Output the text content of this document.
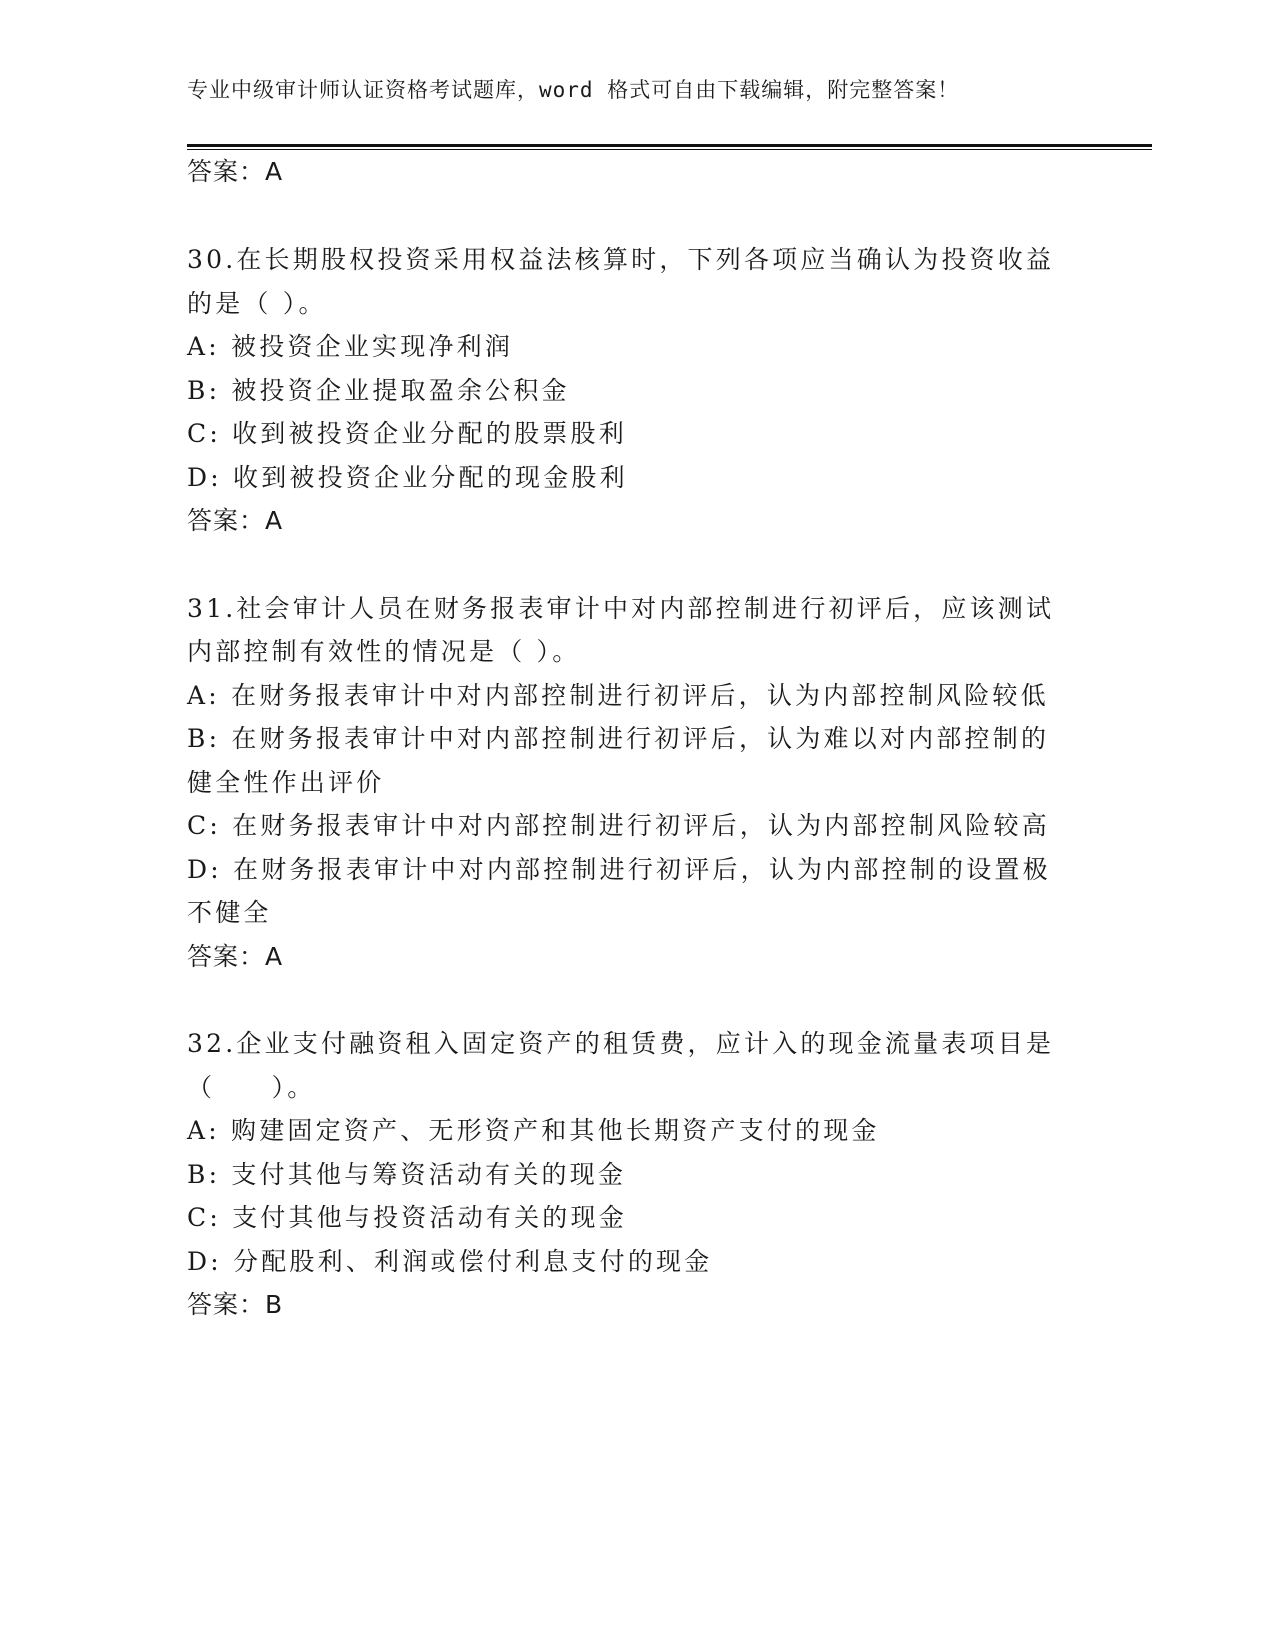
专业中级审计师认证资格考试题库，word 格式可自由下载编辑，附完整答案！
答案：A
30.在长期股权投资采用权益法核算时，下列各项应当确认为投资收益
的是（ ）。
A: 被投资企业实现净利润
B: 被投资企业提取盈余公积金
C: 收到被投资企业分配的股票股利
D: 收到被投资企业分配的现金股利
答案：A
31.社会审计人员在财务报表审计中对内部控制进行初评后，应该测试
内部控制有效性的情况是（ ）。
A: 在财务报表审计中对内部控制进行初评后，认为内部控制风险较低
B: 在财务报表审计中对内部控制进行初评后，认为难以对内部控制的
健全性作出评价
C: 在财务报表审计中对内部控制进行初评后，认为内部控制风险较高
D: 在财务报表审计中对内部控制进行初评后，认为内部控制的设置极
不健全
答案：A
32.企业支付融资租入固定资产的租赁费，应计入的现金流量表项目是
（　　）。
A: 购建固定资产、无形资产和其他长期资产支付的现金
B: 支付其他与筹资活动有关的现金
C: 支付其他与投资活动有关的现金
D: 分配股利、利润或偿付利息支付的现金
答案：B
